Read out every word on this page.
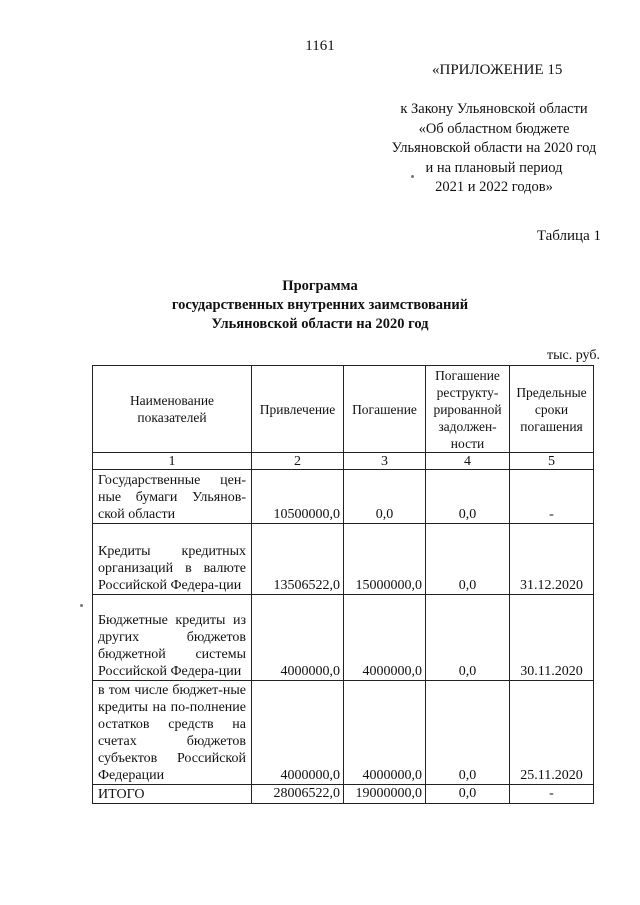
1161
«ПРИЛОЖЕНИЕ 15
к Закону Ульяновской области
«Об областном бюджете
Ульяновской области на 2020 год
и на плановый период
2021 и 2022 годов»
Таблица 1
Программа
государственных внутренних заимствований
Ульяновской области на 2020 год
тыс. руб.
Наименование показателей	Привлечение	Погашение	Погашение реструкту-рированной задолжен-ности	Предельные сроки погашения
1	2	3	4	5
Государственные цен-ные бумаги Ульянов-ской области	10500000,0	0,0	0,0	-
Кредиты кредитных организаций в валюте Российской Федера-ции	13506522,0	15000000,0	0,0	31.12.2020
Бюджетные кредиты из других бюджетов бюджетной системы Российской Федера-ции	4000000,0	4000000,0	0,0	30.11.2020
в том числе бюджет-ные кредиты на по-полнение остатков средств на счетах бюджетов субъектов Российской Федерации	4000000,0	4000000,0	0,0	25.11.2020
ИТОГО	28006522,0	19000000,0	0,0	-
